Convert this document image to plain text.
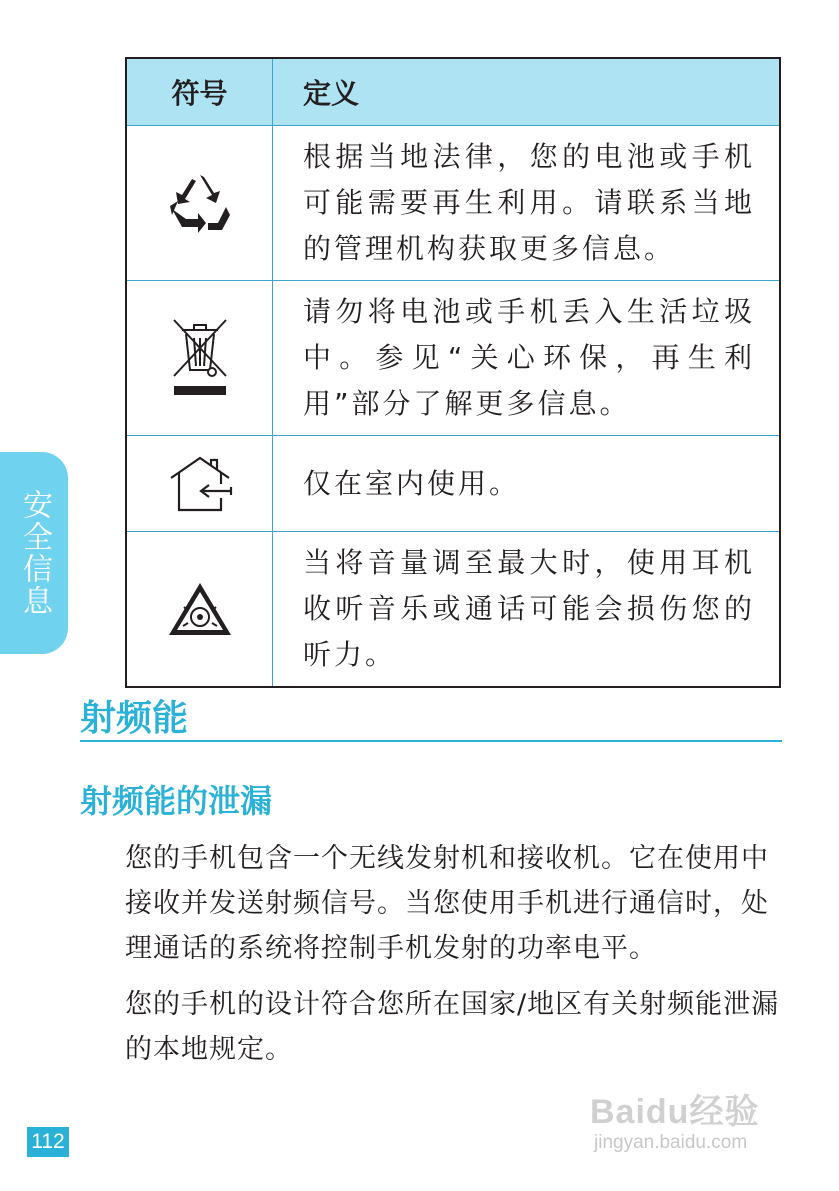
安全信息
符号	定义

	根据当地法律，您的电池或手机可能需要再生利用。请联系当地的管理机构获取更多信息。

	请勿将电池或手机丢入生活垃圾中。参见“关心环保，再生利用”部分了解更多信息。

	仅在室内使用。

	当将音量调至最大时，使用耳机收听音乐或通话可能会损伤您的听力。
射频能
射频能的泄漏

您的手机包含一个无线发射机和接收机。它在使用中接收并发送射频信号。当您使用手机进行通信时，处理通话的系统将控制手机发射的功率电平。

您的手机的设计符合您所在国家/地区有关射频能泄漏的本地规定。

112
Baidu经验
jingyan.baidu.com
